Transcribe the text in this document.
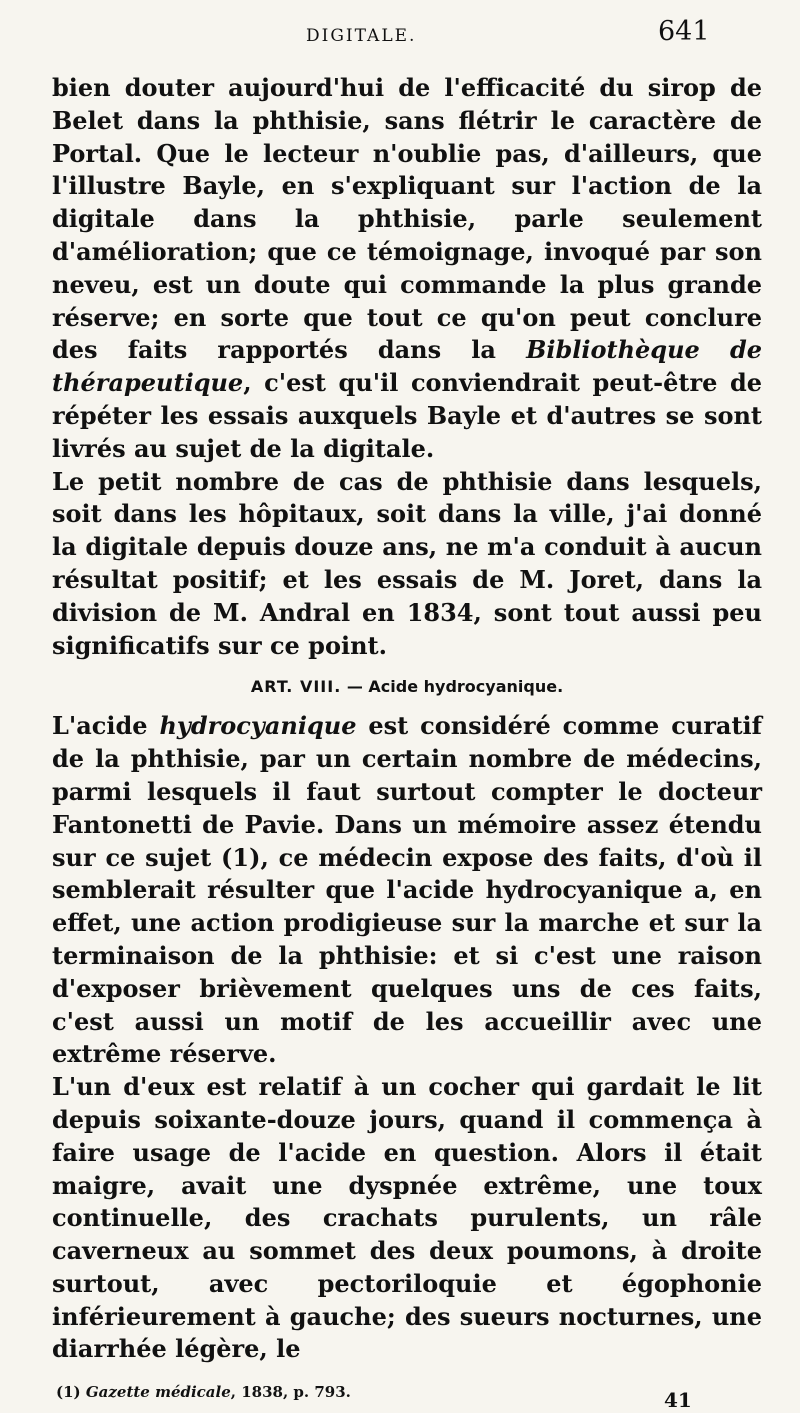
DIGITALE.	641

bien douter aujourd'hui de l'efficacité du sirop de Belet dans la phthisie, sans flétrir le caractère de Portal. Que le lecteur n'oublie pas, d'ailleurs, que l'illustre Bayle, en s'expliquant sur l'action de la digitale dans la phthisie, parle seulement d'amélioration; que ce témoignage, invoqué par son neveu, est un doute qui commande la plus grande réserve; en sorte que tout ce qu'on peut conclure des faits rapportés dans la Bibliothèque de thérapeutique, c'est qu'il conviendrait peut-être de répéter les essais auxquels Bayle et d'autres se sont livrés au sujet de la digitale.

Le petit nombre de cas de phthisie dans lesquels, soit dans les hôpitaux, soit dans la ville, j'ai donné la digitale depuis douze ans, ne m'a conduit à aucun résultat positif; et les essais de M. Joret, dans la division de M. Andral en 1834, sont tout aussi peu significatifs sur ce point.

ART. VIII. — Acide hydrocyanique.

L'acide hydrocyanique est considéré comme curatif de la phthisie, par un certain nombre de médecins, parmi lesquels il faut surtout compter le docteur Fantonetti de Pavie. Dans un mémoire assez étendu sur ce sujet (1), ce médecin expose des faits, d'où il semblerait résulter que l'acide hydrocyanique a, en effet, une action prodigieuse sur la marche et sur la terminaison de la phthisie: et si c'est une raison d'exposer brièvement quelques uns de ces faits, c'est aussi un motif de les accueillir avec une extrême réserve.

L'un d'eux est relatif à un cocher qui gardait le lit depuis soixante-douze jours, quand il commença à faire usage de l'acide en question. Alors il était maigre, avait une dyspnée extrême, une toux continuelle, des crachats purulents, un râle caverneux au sommet des deux poumons, à droite surtout, avec pectoriloquie et égophonie inférieurement à gauche; des sueurs nocturnes, une diarrhée légère, le

(1) Gazette médicale, 1838, p. 793.	41
